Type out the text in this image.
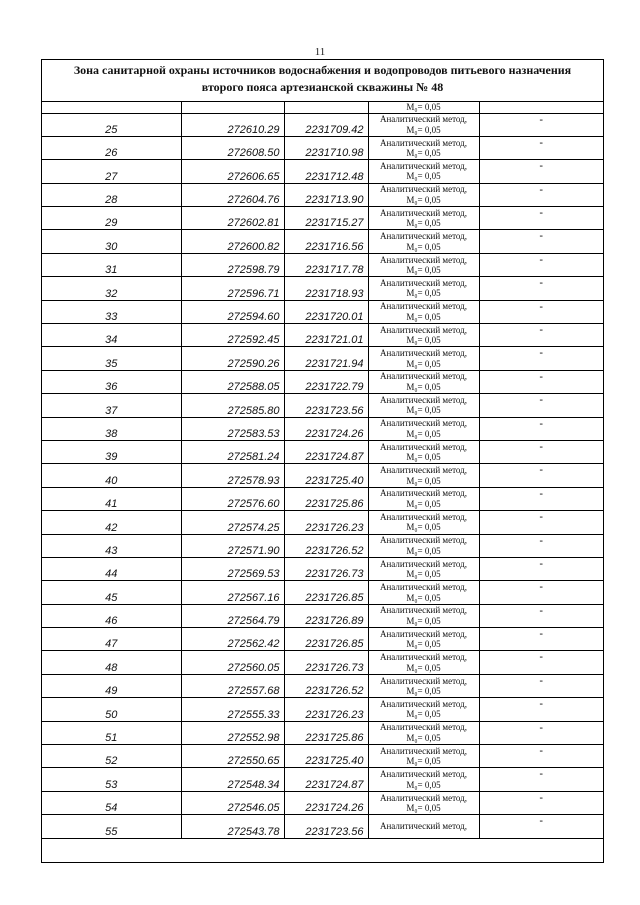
11
Зона санитарной охраны источников водоснабжения и водопроводов питьевого назначения
второго пояса артезианской скважины № 48
			M₀= 0,05	
25	272610.29	2231709.42	Аналитический метод,
M₀= 0,05	-
26	272608.50	2231710.98	Аналитический метод,
M₀= 0,05	-
27	272606.65	2231712.48	Аналитический метод,
M₀= 0,05	-
28	272604.76	2231713.90	Аналитический метод,
M₀= 0,05	-
29	272602.81	2231715.27	Аналитический метод,
M₀= 0,05	-
30	272600.82	2231716.56	Аналитический метод,
M₀= 0,05	-
31	272598.79	2231717.78	Аналитический метод,
M₀= 0,05	-
32	272596.71	2231718.93	Аналитический метод,
M₀= 0,05	-
33	272594.60	2231720.01	Аналитический метод,
M₀= 0,05	-
34	272592.45	2231721.01	Аналитический метод,
M₀= 0,05	-
35	272590.26	2231721.94	Аналитический метод,
M₀= 0,05	-
36	272588.05	2231722.79	Аналитический метод,
M₀= 0,05	-
37	272585.80	2231723.56	Аналитический метод,
M₀= 0,05	-
38	272583.53	2231724.26	Аналитический метод,
M₀= 0,05	-
39	272581.24	2231724.87	Аналитический метод,
M₀= 0,05	-
40	272578.93	2231725.40	Аналитический метод,
M₀= 0,05	-
41	272576.60	2231725.86	Аналитический метод,
M₀= 0,05	-
42	272574.25	2231726.23	Аналитический метод,
M₀= 0,05	-
43	272571.90	2231726.52	Аналитический метод,
M₀= 0,05	-
44	272569.53	2231726.73	Аналитический метод,
M₀= 0,05	-
45	272567.16	2231726.85	Аналитический метод,
M₀= 0,05	-
46	272564.79	2231726.89	Аналитический метод,
M₀= 0,05	-
47	272562.42	2231726.85	Аналитический метод,
M₀= 0,05	-
48	272560.05	2231726.73	Аналитический метод,
M₀= 0,05	-
49	272557.68	2231726.52	Аналитический метод,
M₀= 0,05	-
50	272555.33	2231726.23	Аналитический метод,
M₀= 0,05	-
51	272552.98	2231725.86	Аналитический метод,
M₀= 0,05	-
52	272550.65	2231725.40	Аналитический метод,
M₀= 0,05	-
53	272548.34	2231724.87	Аналитический метод,
M₀= 0,05	-
54	272546.05	2231724.26	Аналитический метод,
M₀= 0,05	-
55	272543.78	2231723.56	Аналитический метод,	-
